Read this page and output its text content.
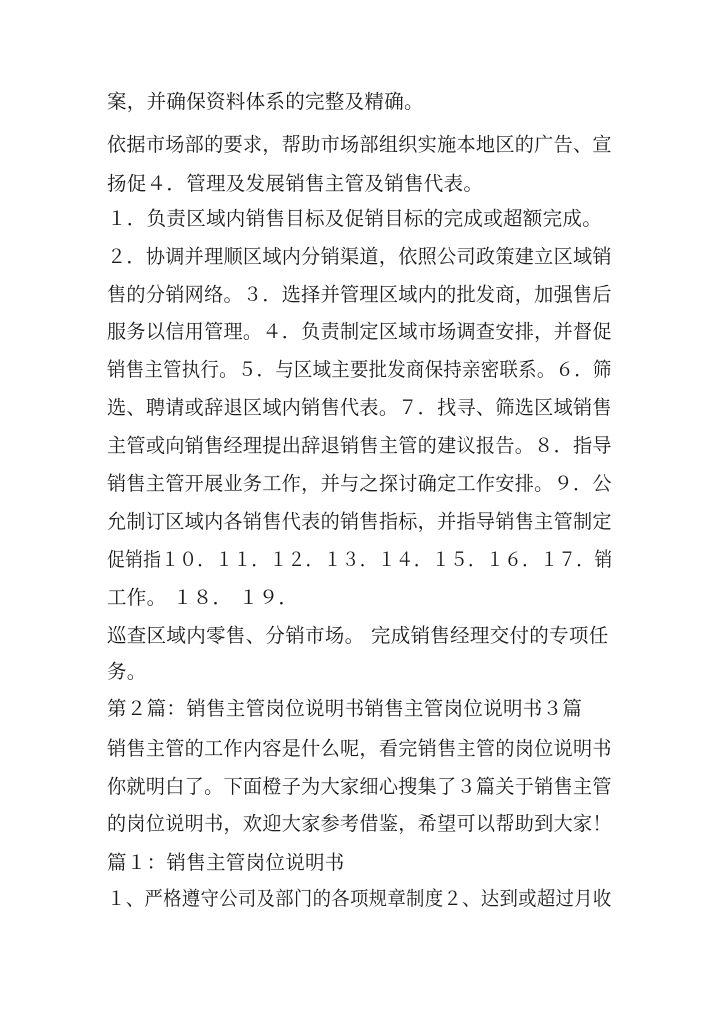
案，并确保资料体系的完整及精确。
依据市场部的要求，帮助市场部组织实施本地区的广告、宣
扬促４．管理及发展销售主管及销售代表。
１．负责区域内销售目标及促销目标的完成或超额完成。
２．协调并理顺区域内分销渠道，依照公司政策建立区域销
售的分销网络。３．选择并管理区域内的批发商，加强售后
服务以信用管理。４．负责制定区域市场调查安排，并督促
销售主管执行。５．与区域主要批发商保持亲密联系。６．筛
选、聘请或辞退区域内销售代表。７．找寻、筛选区域销售
主管或向销售经理提出辞退销售主管的建议报告。８．指导
销售主管开展业务工作，并与之探讨确定工作安排。９．公
允制订区域内各销售代表的销售指标，并指导销售主管制定
促销指１０．１１．１２．１３．１４．１５．１６．１７．销
工作。 １８． １９．
巡查区域内零售、分销市场。 完成销售经理交付的专项任
务。
第２篇：销售主管岗位说明书销售主管岗位说明书３篇
销售主管的工作内容是什么呢，看完销售主管的岗位说明书
你就明白了。下面橙子为大家细心搜集了３篇关于销售主管
的岗位说明书，欢迎大家参考借鉴，希望可以帮助到大家！
篇１：销售主管岗位说明书
１、严格遵守公司及部门的各项规章制度２、达到或超过月收
